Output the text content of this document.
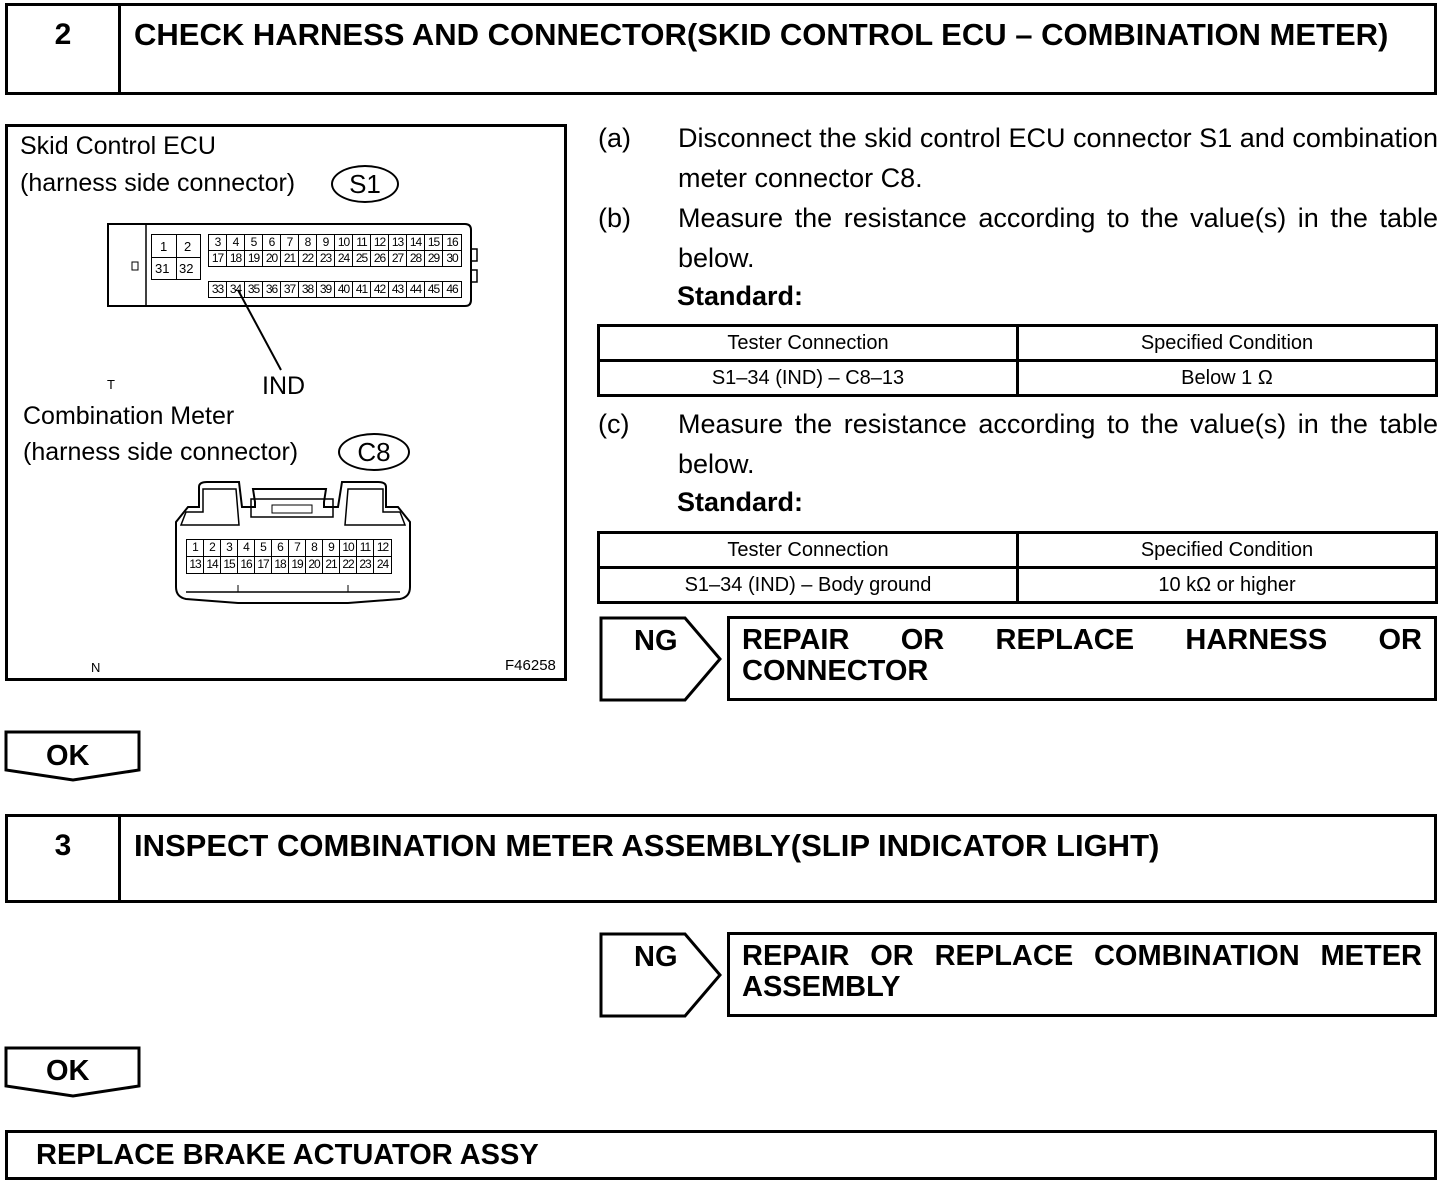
2	CHECK HARNESS AND CONNECTOR(SKID CONTROL ECU – COMBINATION METER)
Skid Control ECU
(harness side connector)	S1
1 2
31 32
3	4	5	6	7	8	9 10 11 12 13 14 15 16
17 18 19 20 21 22 23 24 25 26 27 28 29 30
33 34 35 36 37 38 39 40 41 42 43 44 45 46
T	IND
Combination Meter
(harness side connector)	C8
1 2 3 4 5 6 7 8 9 10 11 12
13 14 15 16 17 18 19 20 21 22 23 24
N	F46258
(a) Disconnect the skid control ECU connector S1 and combination meter connector C8.
(b) Measure the resistance according to the value(s) in the table below.
Standard:
Tester Connection	Specified Condition
S1–34 (IND) – C8–13	Below 1 Ω
(c) Measure the resistance according to the value(s) in the table below.
Standard:
Tester Connection	Specified Condition
S1–34 (IND) – Body ground	10 kΩ or higher
NG REPAIR OR REPLACE HARNESS OR CONNECTOR
OK
3	INSPECT COMBINATION METER ASSEMBLY(SLIP INDICATOR LIGHT)
NG REPAIR OR REPLACE COMBINATION METER ASSEMBLY
OK
REPLACE BRAKE ACTUATOR ASSY
